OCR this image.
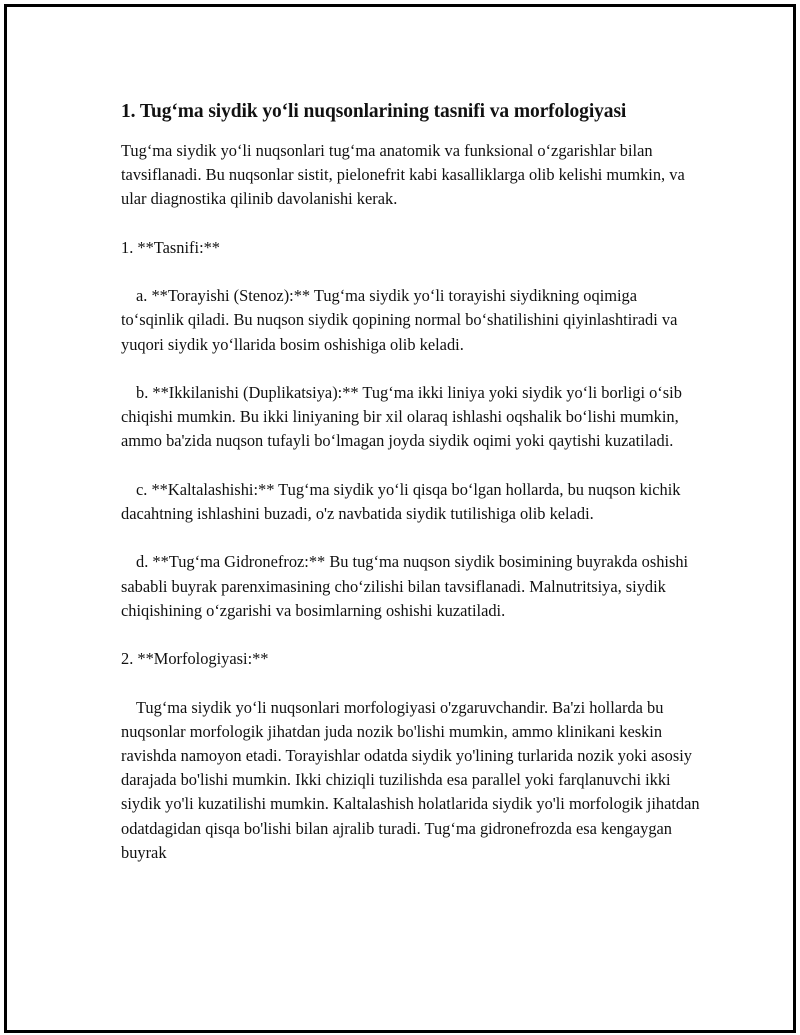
1. Tug‘ma siydik yo‘li nuqsonlarining tasnifi va morfologiyasi

Tug‘ma siydik yo‘li nuqsonlari tug‘ma anatomik va funksional o‘zgarishlar bilan tavsiflanadi. Bu nuqsonlar sistit, pielonefrit kabi kasalliklarga olib kelishi mumkin, va ular diagnostika qilinib davolanishi kerak.

1. **Tasnifi:**

a. **Torayishi (Stenoz):** Tug‘ma siydik yo‘li torayishi siydikning oqimiga to‘sqinlik qiladi. Bu nuqson siydik qopining normal bo‘shatilishini qiyinlashtiradi va yuqori siydik yo‘llarida bosim oshishiga olib keladi.

b. **Ikkilanishi (Duplikatsiya):** Tug‘ma ikki liniya yoki siydik yo‘li borligi o‘sib chiqishi mumkin. Bu ikki liniyaning bir xil olaraq ishlashi oqshalik bo‘lishi mumkin, ammo ba'zida nuqson tufayli bo‘lmagan joyda siydik oqimi yoki qaytishi kuzatiladi.

c. **Kaltalashishi:** Tug‘ma siydik yo‘li qisqa bo‘lgan hollarda, bu nuqson kichik dacahtning ishlashini buzadi, o'z navbatida siydik tutilishiga olib keladi.

d. **Tug‘ma Gidronefroz:** Bu tug‘ma nuqson siydik bosimining buyrakda oshishi sababli buyrak parenximasining cho‘zilishi bilan tavsiflanadi. Malnutritsiya, siydik chiqishining o‘zgarishi va bosimlarning oshishi kuzatiladi.

2. **Morfologiyasi:**

Tug‘ma siydik yo‘li nuqsonlari morfologiyasi o'zgaruvchandir. Ba'zi hollarda bu nuqsonlar morfologik jihatdan juda nozik bo'lishi mumkin, ammo klinikani keskin ravishda namoyon etadi. Torayishlar odatda siydik yo'lining turlarida nozik yoki asosiy darajada bo'lishi mumkin. Ikki chiziqli tuzilishda esa parallel yoki farqlanuvchi ikki siydik yo'li kuzatilishi mumkin. Kaltalashish holatlarida siydik yo'li morfologik jihatdan odatdagidan qisqa bo'lishi bilan ajralib turadi. Tug‘ma gidronefrozda esa kengaygan buyrak
